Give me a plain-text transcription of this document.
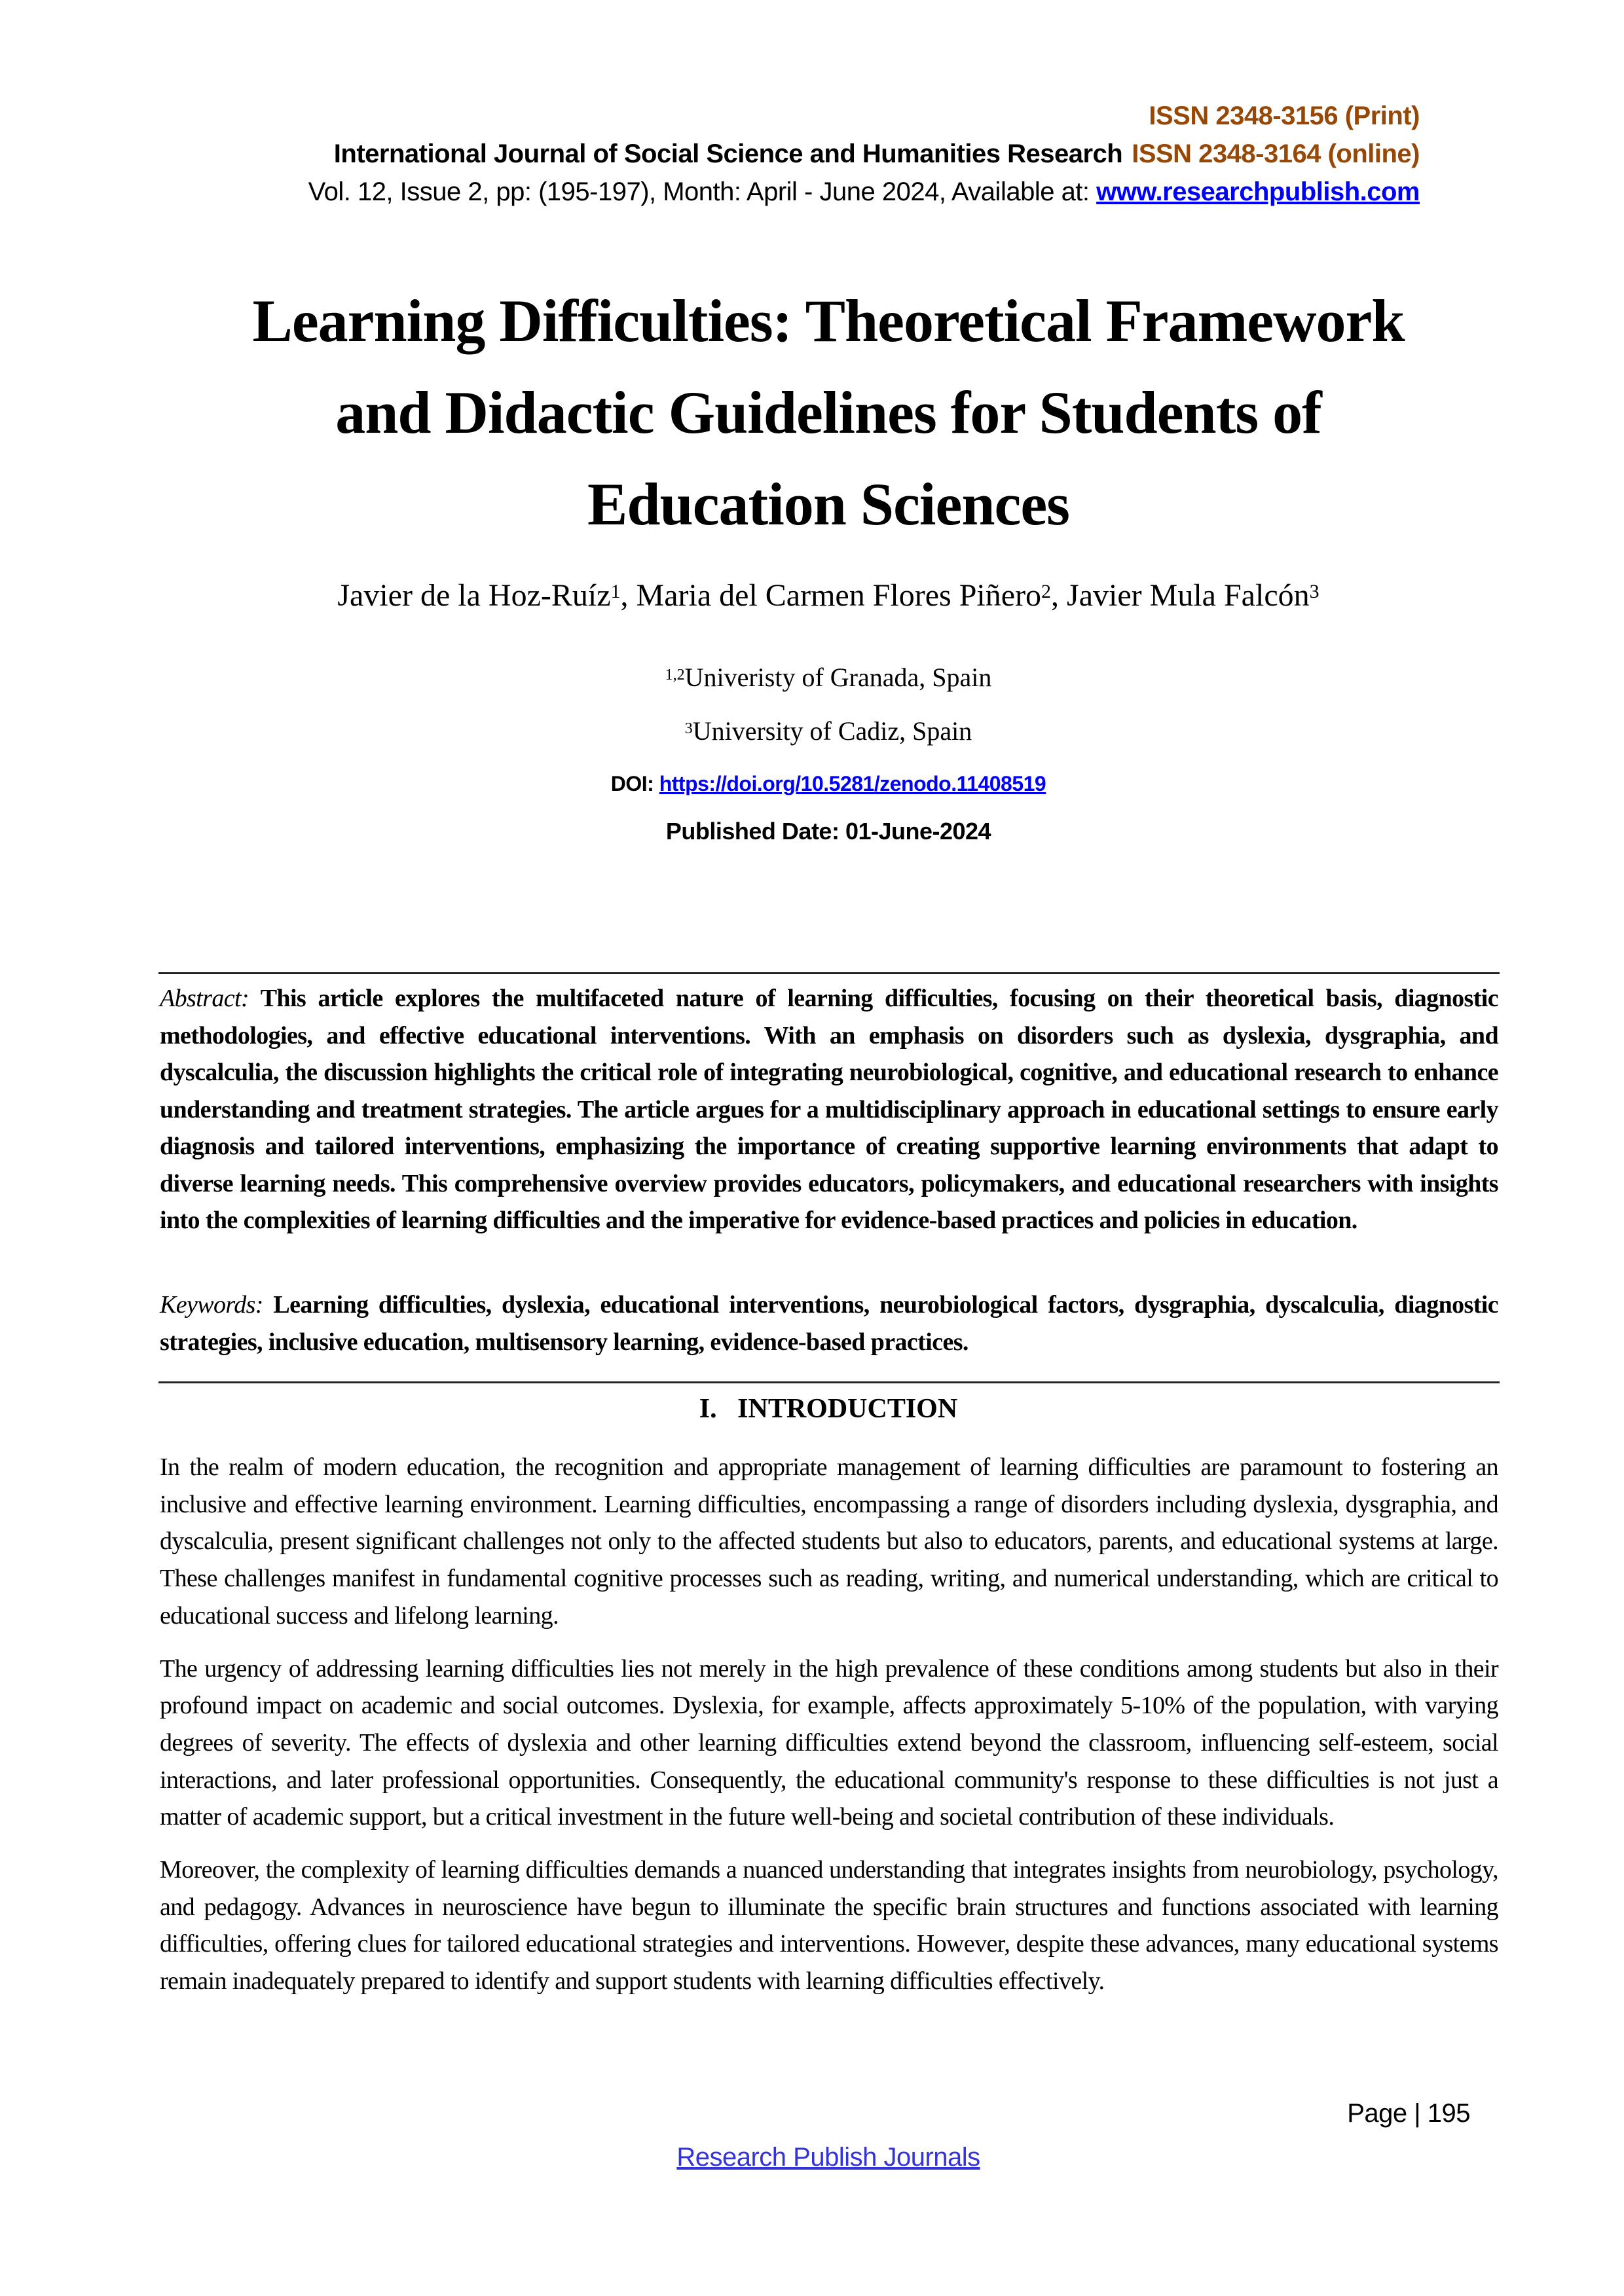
ISSN 2348-3156 (Print)
International Journal of Social Science and Humanities Research ISSN 2348-3164 (online)
Vol. 12, Issue 2, pp: (195-197), Month: April - June 2024, Available at: www.researchpublish.com
Learning Difficulties: Theoretical Framework
and Didactic Guidelines for Students of
Education Sciences
Javier de la Hoz-Ruíz$^1$, Maria del Carmen Flores Piñero$^2$, Javier Mula Falcón$^3$
$^{1,2}$Univeristy of Granada, Spain
$^3$University of Cadiz, Spain
DOI: https://doi.org/10.5281/zenodo.11408519
Published Date: 01-June-2024
Abstract: This article explores the multifaceted nature of learning difficulties, focusing on their theoretical basis, diagnostic methodologies, and effective educational interventions. With an emphasis on disorders such as dyslexia, dysgraphia, and dyscalculia, the discussion highlights the critical role of integrating neurobiological, cognitive, and educational research to enhance understanding and treatment strategies. The article argues for a multidisciplinary approach in educational settings to ensure early diagnosis and tailored interventions, emphasizing the importance of creating supportive learning environments that adapt to diverse learning needs. This comprehensive overview provides educators, policymakers, and educational researchers with insights into the complexities of learning difficulties and the imperative for evidence-based practices and policies in education.
Keywords: Learning difficulties, dyslexia, educational interventions, neurobiological factors, dysgraphia, dyscalculia, diagnostic strategies, inclusive education, multisensory learning, evidence-based practices.
I.   INTRODUCTION

In the realm of modern education, the recognition and appropriate management of learning difficulties are paramount to fostering an inclusive and effective learning environment. Learning difficulties, encompassing a range of disorders including dyslexia, dysgraphia, and dyscalculia, present significant challenges not only to the affected students but also to educators, parents, and educational systems at large. These challenges manifest in fundamental cognitive processes such as reading, writing, and numerical understanding, which are critical to educational success and lifelong learning.

The urgency of addressing learning difficulties lies not merely in the high prevalence of these conditions among students but also in their profound impact on academic and social outcomes. Dyslexia, for example, affects approximately 5-10% of the population, with varying degrees of severity. The effects of dyslexia and other learning difficulties extend beyond the classroom, influencing self-esteem, social interactions, and later professional opportunities. Consequently, the educational community's response to these difficulties is not just a matter of academic support, but a critical investment in the future well-being and societal contribution of these individuals.

Moreover, the complexity of learning difficulties demands a nuanced understanding that integrates insights from neurobiology, psychology, and pedagogy. Advances in neuroscience have begun to illuminate the specific brain structures and functions associated with learning difficulties, offering clues for tailored educational strategies and interventions. However, despite these advances, many educational systems remain inadequately prepared to identify and support students with learning difficulties effectively.

Page | 195
Research Publish Journals
